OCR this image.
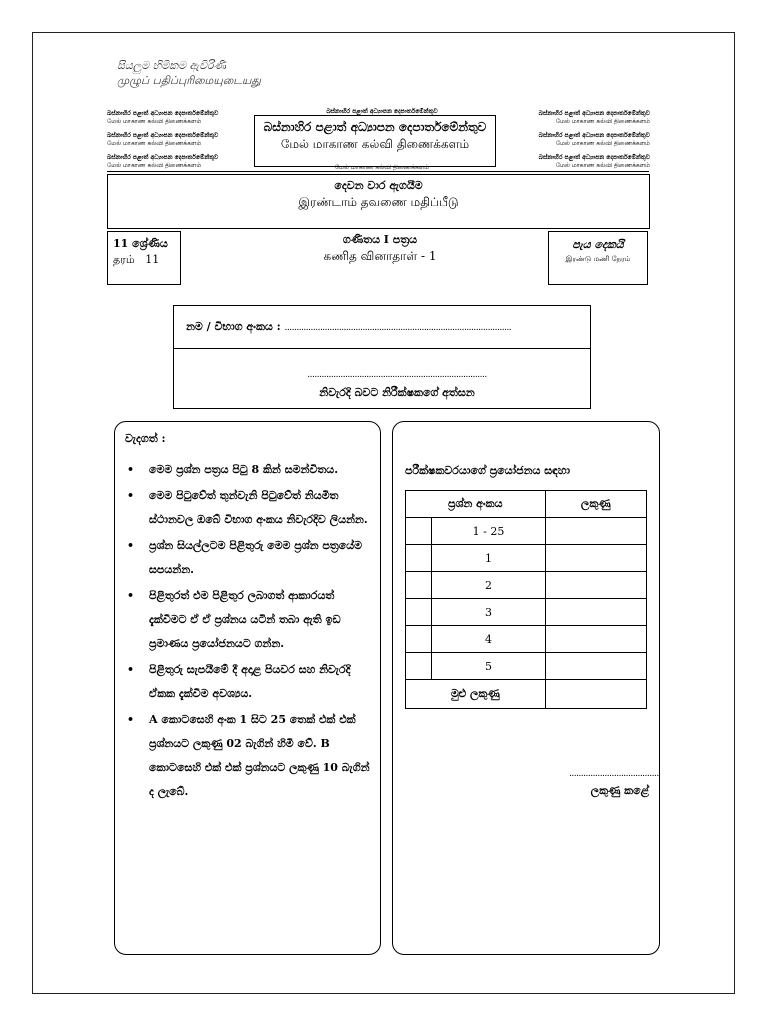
සියලුම හිමිකම ඇවිරිණි
முழுப் பதிப்புரிமையுடையது
බස්නාහිර පළාත් අධ්‍යාපන දෙපාර්තමේන්තුව
மேல் மாகாண கல்வி திணைக்களம்
බස්නාහිර පළාත් අධ්‍යාපන දෙපාර්තමේන්තුව
மேல் மாகாண கல்வி திணைக்களம்
බස්නාහිර පළාත් අධ්‍යාපන දෙපාර්තමේන්තුව
மேல் மாகாண கல்வி திணைக்களம்
බස්නාහිර පළාත් අධ්‍යාපන දෙපාර්තමේන්තුව
மேல் மாகாண கல்வி திணைக்களம்
බස්නාහිර පළාත් අධ්‍යාපන දෙපාර්තමේන්තුව
மேல் மாகாண கல்வி திணைக்களம்
බස්නාහිර පළාත් අධ්‍යාපන දෙපාර්තමේන්තුව
மேல் மாகாண கல்வி திணைக்களம்
බස්නාහිර පළාත් අධ්‍යාපන දෙපාර්තමේන්තුව
බස්නාහිර පළාත් අධ්‍යාපන දෙපාර්තමේන්තුව
மேல் மாகாண கல்வி திணைக்களம்
மேல் மாகாண கல்வி திணைக்களம்
දෙවන වාර ඇගයීම
இரண்டாம் தவணை மதிப்பீடு
11 ශ්‍රේණිය
தரம்   11
ගණිතය I පත්‍රය
கணித வினாதாள் - 1
පැය දෙකයි
இரண்டு மணி நேரம்
නම / විභාග අංකය : ................................................................................................
............................................................................
නිවැරදි බවට නිරීක්ෂකගේ අත්සන
වැදගත් :
• මෙම ප්‍රශ්න පත්‍රය පිටු 8 කින් සමන්විතය.
• මෙම පිටුවේත් තුන්වැනි පිටුවේත් නියමිත ස්ථානවල ඔබේ විභාග අංකය නිවැරදිව ලියන්න.
• ප්‍රශ්න සියල්ලටම පිළිතුරු මෙම ප්‍රශ්න පත්‍රයේම සපයන්න.
• පිළිතුරත් එම පිළිතුර ලබාගත් ආකාරයත් දැක්වීමට ඒ ඒ ප්‍රශ්නය යටින් තබා ඇති ඉඩ ප්‍රමාණය ප්‍රයෝජනයට ගන්න.
• පිළිතුරු සැපයීමේ දී අදාළ පියවර සහ නිවැරදි ඒකක දැක්වීම අවශ්‍යය.
• A කොටසෙහි අංක 1 සිට 25 තෙක් එක් එක් ප්‍රශ්නයට ලකුණු 02 බැගින් හිමි වේ. B කොටසෙහි එක් එක් ප්‍රශ්නයට ලකුණු 10 බැගින් ද ලැබේ.
පරීක්ෂකවරයාගේ ප්‍රයෝජනය සඳහා
ප්‍රශ්න අංකය		ලකුණු
	1 - 25	
	1	
	2	
	3	
	4	
	5	
මුළු ලකුණු		
......................................
ලකුණු කළේ
